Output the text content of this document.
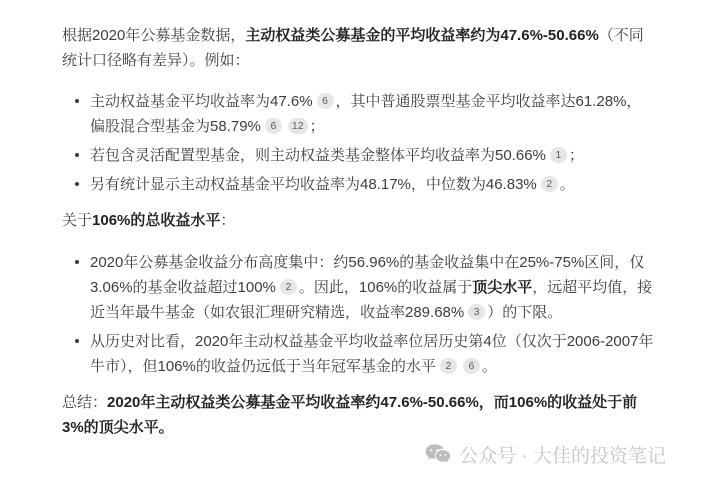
根据2020年公募基金数据，主动权益类公募基金的平均收益率约为47.6%-50.66%（不同统计口径略有差异）。例如：

主动权益基金平均收益率为47.6% 6 ，其中普通股票型基金平均收益率达61.28%，偏股混合型基金为58.79% 6 12 ；
若包含灵活配置型基金，则主动权益类基金整体平均收益率为50.66% 1 ；
另有统计显示主动权益基金平均收益率为48.17%，中位数为46.83% 2 。

关于106%的总收益水平：

2020年公募基金收益分布高度集中：约56.96%的基金收益集中在25%-75%区间，仅3.06%的基金收益超过100% 2 。因此，106%的收益属于顶尖水平，远超平均值，接近当年最牛基金（如农银汇理研究精选，收益率289.68% 3 ）的下限。
从历史对比看，2020年主动权益基金平均收益率位居历史第4位（仅次于2006-2007年牛市），但106%的收益仍远低于当年冠军基金的水平 2 6 。

总结：2020年主动权益类公募基金平均收益率约47.6%-50.66%，而106%的收益处于前3%的顶尖水平。

公众号 · 大佳的投资笔记
